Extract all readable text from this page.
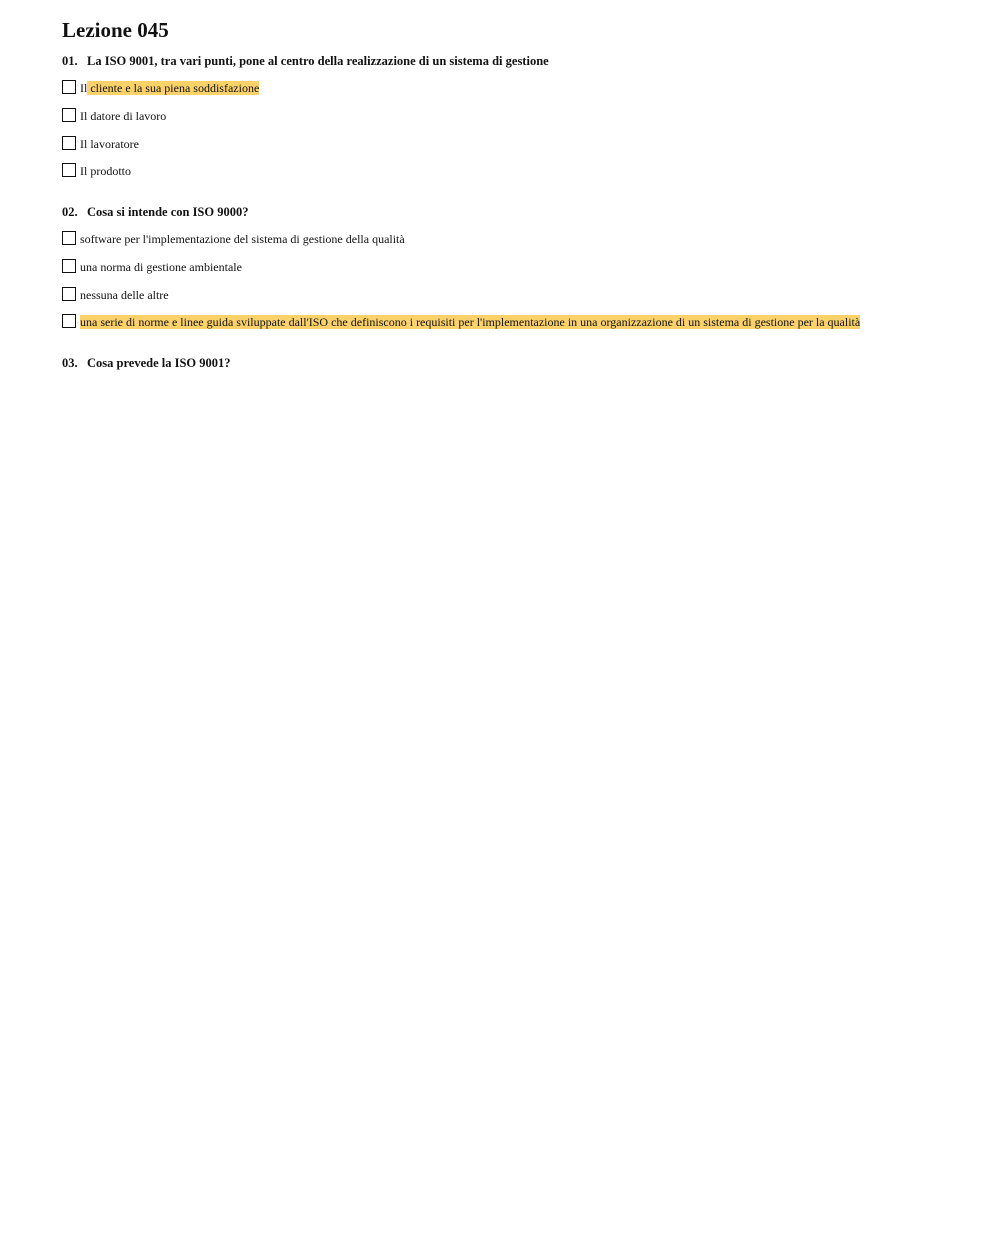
Lezione 045
01. La ISO 9001, tra vari punti, pone al centro della realizzazione di un sistema di gestione
Il cliente e la sua piena soddisfazione
Il datore di lavoro
Il lavoratore
Il prodotto
02. Cosa si intende con ISO 9000?
software per l'implementazione del sistema di gestione della qualità
una norma di gestione ambientale
nessuna delle altre
una serie di norme e linee guida sviluppate dall'ISO che definiscono i requisiti per l'implementazione in una organizzazione di un sistema di gestione per la qualità
03. Cosa prevede la ISO 9001?
